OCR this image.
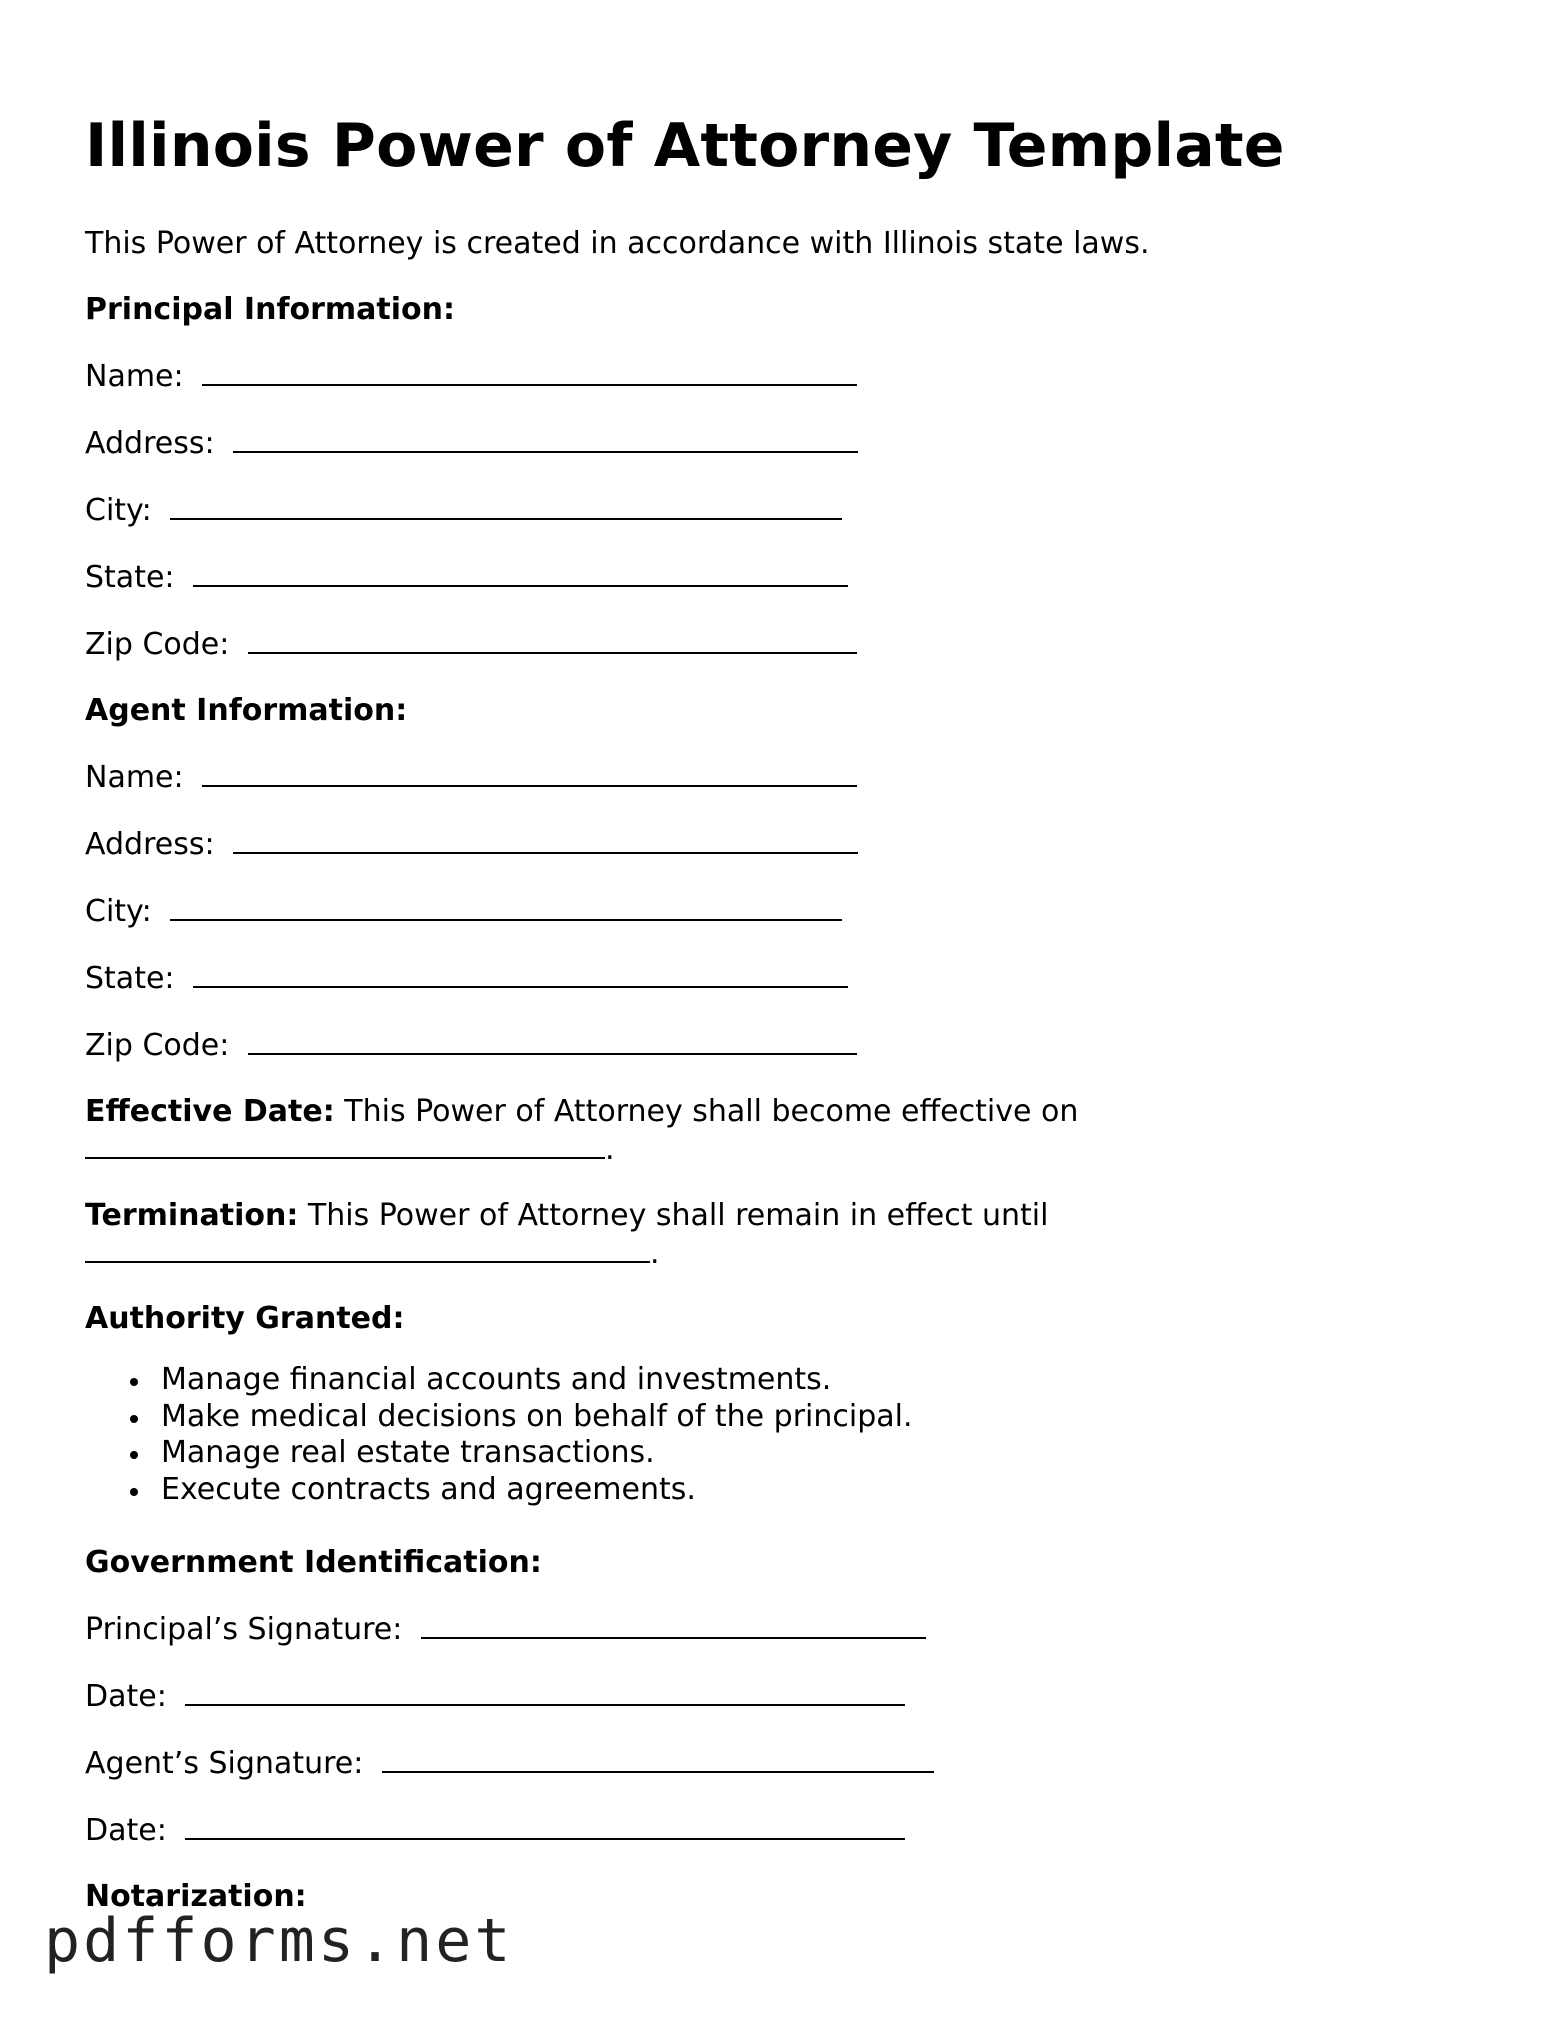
Illinois Power of Attorney Template
This Power of Attorney is created in accordance with Illinois state laws.
Principal Information:
Name:
Address:
City:
State:
Zip Code:
Agent Information:
Name:
Address:
City:
State:
Zip Code:
Effective Date: This Power of Attorney shall become effective on
.
Termination: This Power of Attorney shall remain in effect until
.
Authority Granted:
Manage financial accounts and investments.
Make medical decisions on behalf of the principal.
Manage real estate transactions.
Execute contracts and agreements.
Government Identification:
Principal’s Signature:
Date:
Agent’s Signature:
Date:
Notarization:
pdfforms.net
